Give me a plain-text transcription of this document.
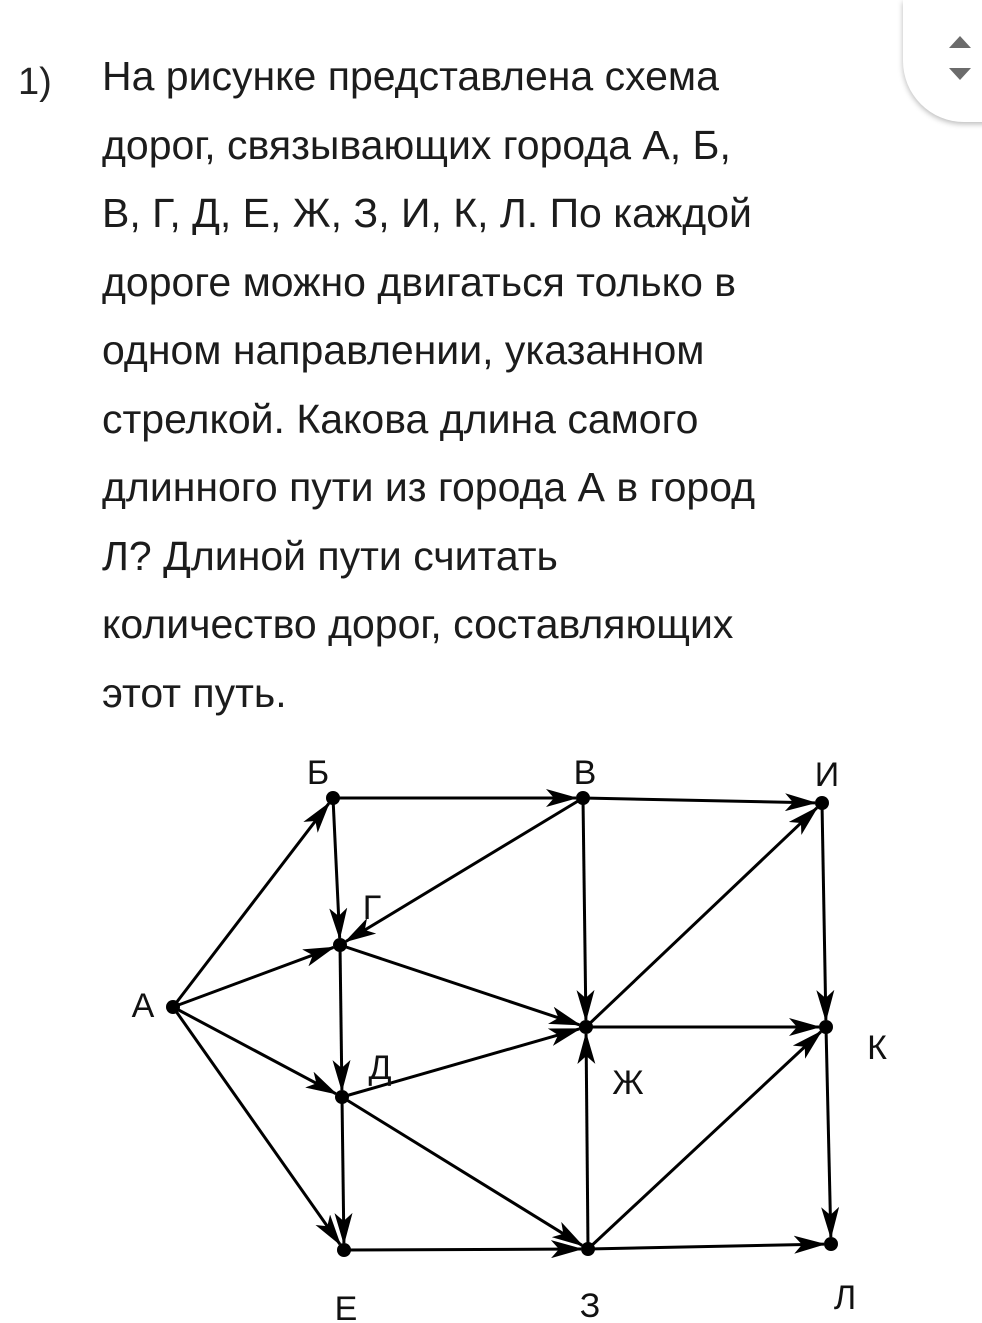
1) На рисунке представлена схема
дорог, связывающих города А, Б,
В, Г, Д, Е, Ж, З, И, К, Л. По каждой
дороге можно двигаться только в
одном направлении, указанном
стрелкой. Какова длина самого
длинного пути из города А в город
Л? Длиной пути считать
количество дорог, составляющих
этот путь.
А
Б	В	И
Г
Д
Е
Ж
З
К
Л
